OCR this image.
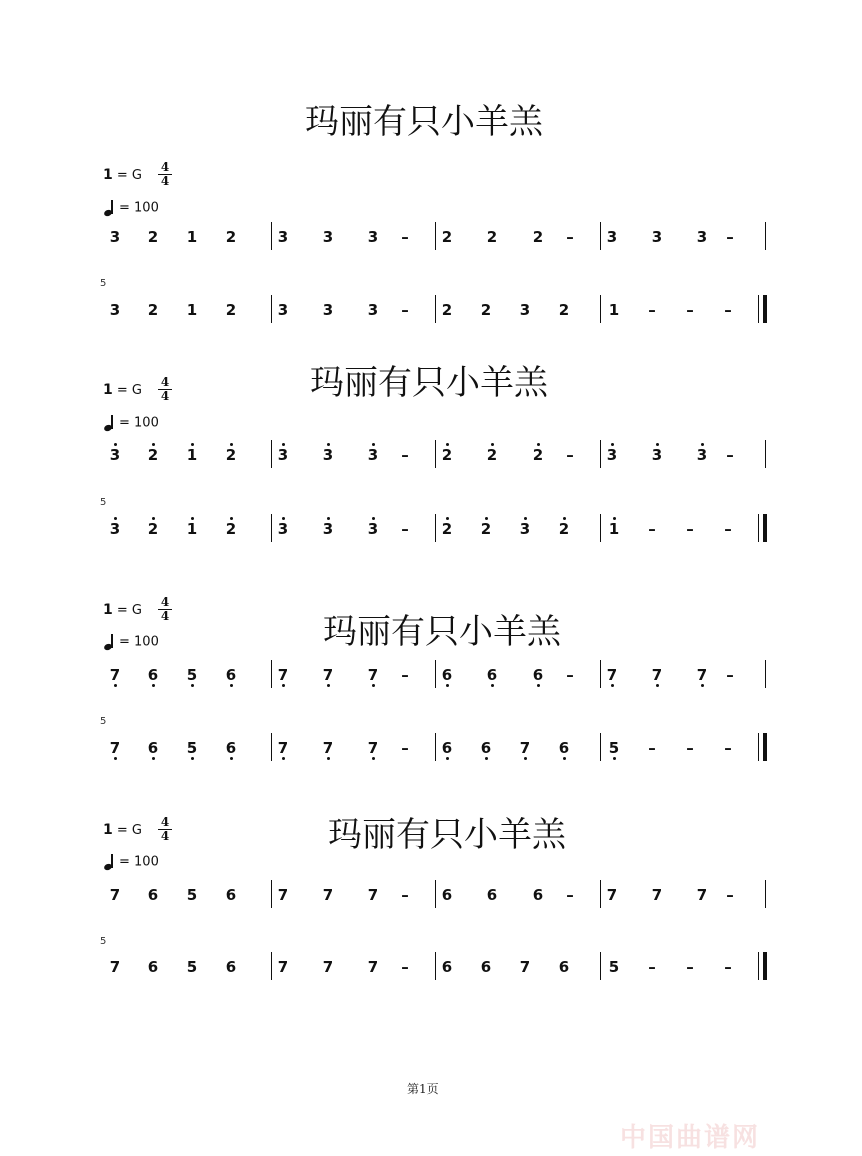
玛丽有只小羊羔
1 = G
4
4
= 100
5
3	2	1	2	3	3	3	–	2	2	2	–	3	3	3	–
3	2	1	2	3	3	3	–	2	2	3	2	1	–	–	–
玛丽有只小羊羔
1 = G
4
4
= 100
5
3	2	1	2	3	3	3	–	2	2	2	–	3	3	3	–
3	2	1	2	3	3	3	–	2	2	3	2	1	–	–	–
玛丽有只小羊羔
1 = G
4
4
= 100
5
7	6	5	6	7	7	7	–	6	6	6	–	7	7	7	–
7	6	5	6	7	7	7	–	6	6	7	6	5	–	–	–
玛丽有只小羊羔
1 = G
4
4
= 100
5
7	6	5	6	7	7	7	–	6	6	6	–	7	7	7	–
7	6	5	6	7	7	7	–	6	6	7	6	5	–	–	–
第1页
中国曲谱网
